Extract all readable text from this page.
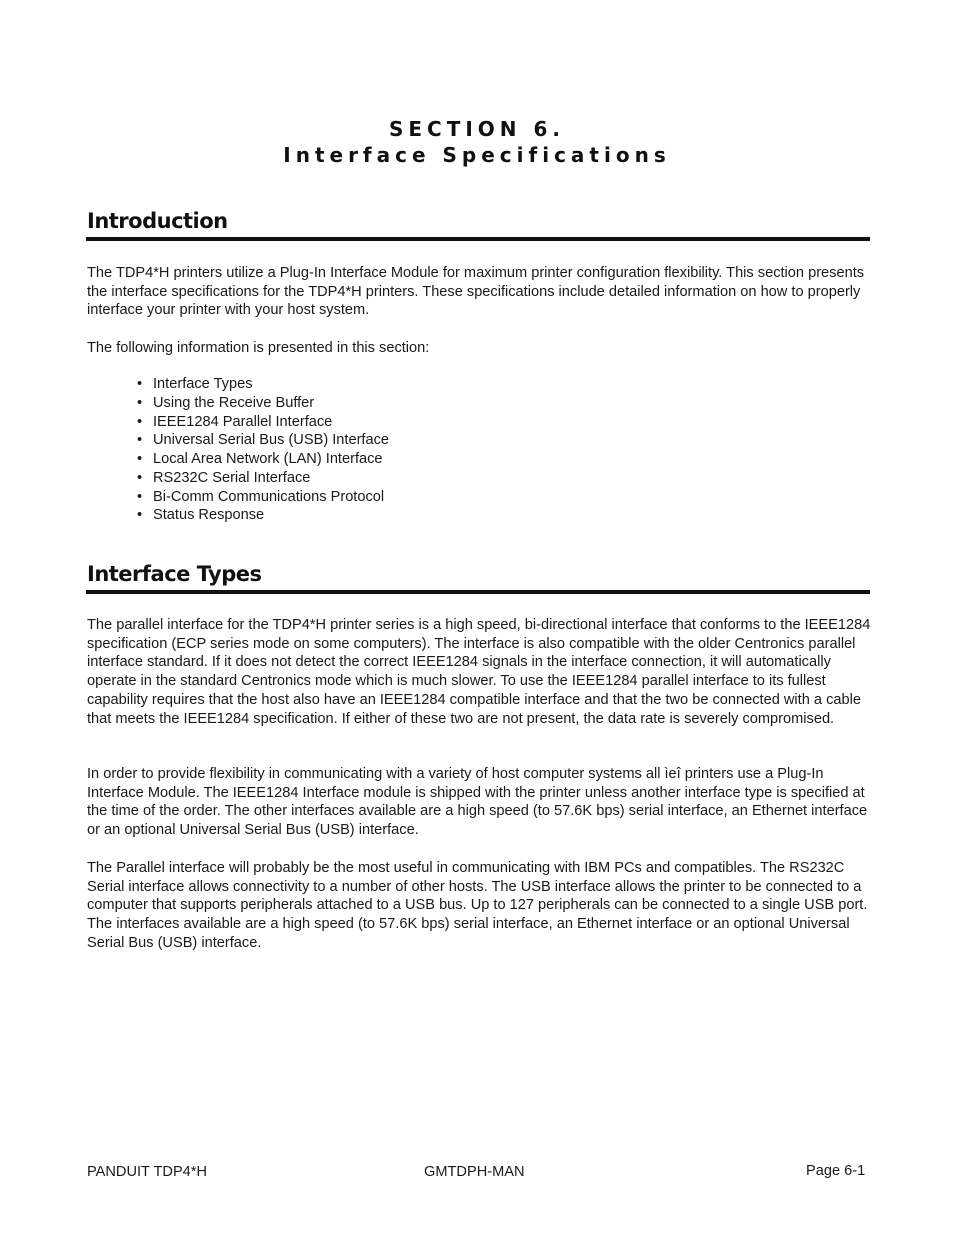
SECTION 6.
Interface Specifications
Introduction

The TDP4*H printers utilize a Plug-In Interface Module for maximum printer configuration flexibility. This section presents the interface specifications for the TDP4*H printers. These specifications include detailed information on how to properly interface your printer with your host system.

The following information is presented in this section:

• Interface Types
• Using the Receive Buffer
• IEEE1284 Parallel Interface
• Universal Serial Bus (USB) Interface
• Local Area Network (LAN) Interface
• RS232C Serial Interface
• Bi-Comm Communications Protocol
• Status Response
Interface Types

The parallel interface for the TDP4*H printer series is a high speed, bi-directional interface that conforms to the IEEE1284 specification (ECP series mode on some computers). The interface is also compatible with the older Centronics parallel interface standard. If it does not detect the correct IEEE1284 signals in the interface connection, it will automatically operate in the standard Centronics mode which is much slower. To use the IEEE1284 parallel interface to its fullest capability requires that the host also have an IEEE1284 compatible interface and that the two be connected with a cable that meets the IEEE1284 specification. If either of these two are not present, the data rate is severely compromised.

In order to provide flexibility in communicating with a variety of host computer systems all ìeî printers use a Plug-In Interface Module. The IEEE1284 Interface module is shipped with the printer unless another interface type is specified at the time of the order. The other interfaces available are a high speed (to 57.6K bps) serial interface, an Ethernet interface or an optional Universal Serial Bus (USB) interface.

The Parallel interface will probably be the most useful in communicating with IBM PCs and compatibles. The RS232C Serial interface allows connectivity to a number of other hosts. The USB interface allows the printer to be connected to a computer that supports peripherals attached to a USB bus. Up to 127 peripherals can be connected to a single USB port. The interfaces available are a high speed (to 57.6K bps) serial interface, an Ethernet interface or an optional Universal Serial Bus (USB) interface.

PANDUIT TDP4*H	GMTDPH-MAN	Page 6-1
